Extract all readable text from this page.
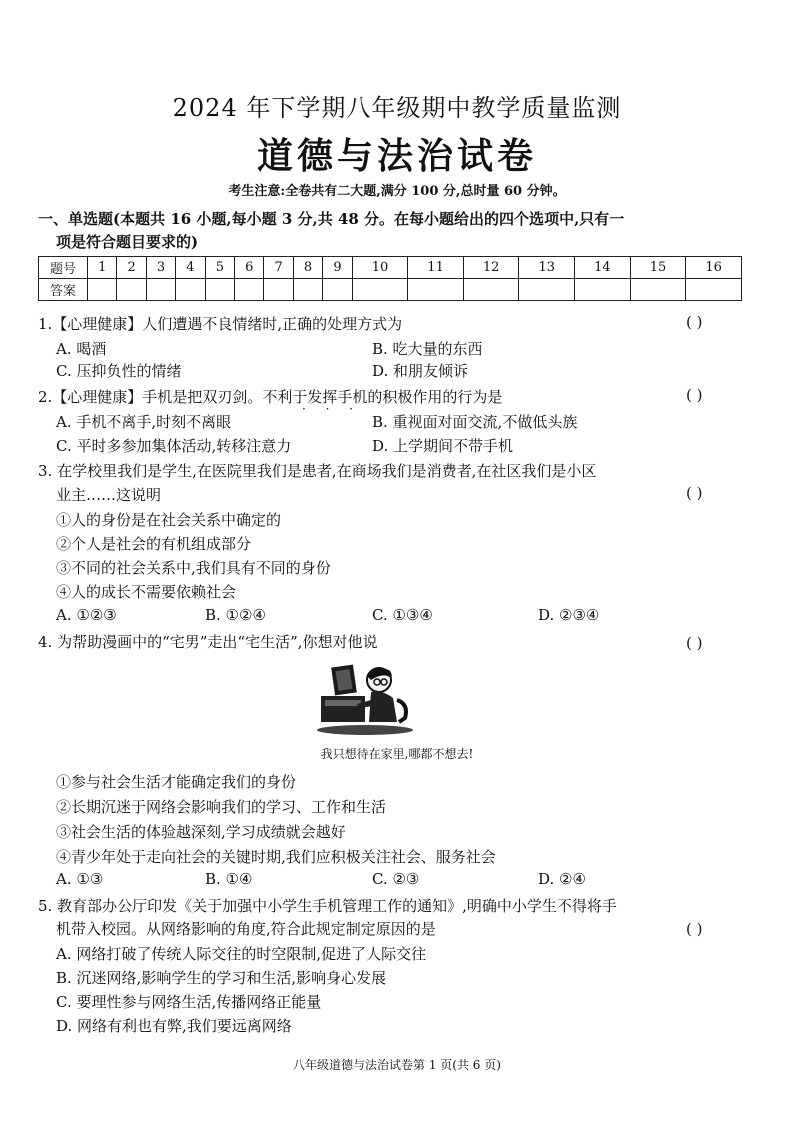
2024 年下学期八年级期中教学质量监测
道德与法治试卷
考生注意:全卷共有二大题,满分 100 分,总时量 60 分钟。
一、单选题(本题共 16 小题,每小题 3 分,共 48 分。在每小题给出的四个选项中,只有一
项是符合题目要求的)
题号	1	2	3	4	5	6	7	8	9	10	11	12	13	14	15	16
答案																
1.【心理健康】人们遭遇不良情绪时,正确的处理方式为	( )
A. 喝酒	B. 吃大量的东西
C. 压抑负性的情绪	D. 和朋友倾诉
2.【心理健康】手机是把双刃剑。不利于发挥手机的积极作用的行为是
· · ·
( )
A. 手机不离手,时刻不离眼	B. 重视面对面交流,不做低头族
C. 平时多参加集体活动,转移注意力	D. 上学期间不带手机
3. 在学校里我们是学生,在医院里我们是患者,在商场我们是消费者,在社区我们是小区
业主……这说明	( )
①人的身份是在社会关系中确定的
②个人是社会的有机组成部分
③不同的社会关系中,我们具有不同的身份
④人的成长不需要依赖社会
A. ①②③	B. ①②④	C. ①③④	D. ②③④
4. 为帮助漫画中的“宅男”走出“宅生活”,你想对他说	( )
我只想待在家里,哪都不想去!
①参与社会生活才能确定我们的身份
②长期沉迷于网络会影响我们的学习、工作和生活
③社会生活的体验越深刻,学习成绩就会越好
④青少年处于走向社会的关键时期,我们应积极关注社会、服务社会
A. ①③	B. ①④	C. ②③	D. ②④
5. 教育部办公厅印发《关于加强中小学生手机管理工作的通知》,明确中小学生不得将手
机带入校园。从网络影响的角度,符合此规定制定原因的是	( )
A. 网络打破了传统人际交往的时空限制,促进了人际交往
B. 沉迷网络,影响学生的学习和生活,影响身心发展
C. 要理性参与网络生活,传播网络正能量
D. 网络有利也有弊,我们要远离网络
八年级道德与法治试卷第 1 页(共 6 页)
